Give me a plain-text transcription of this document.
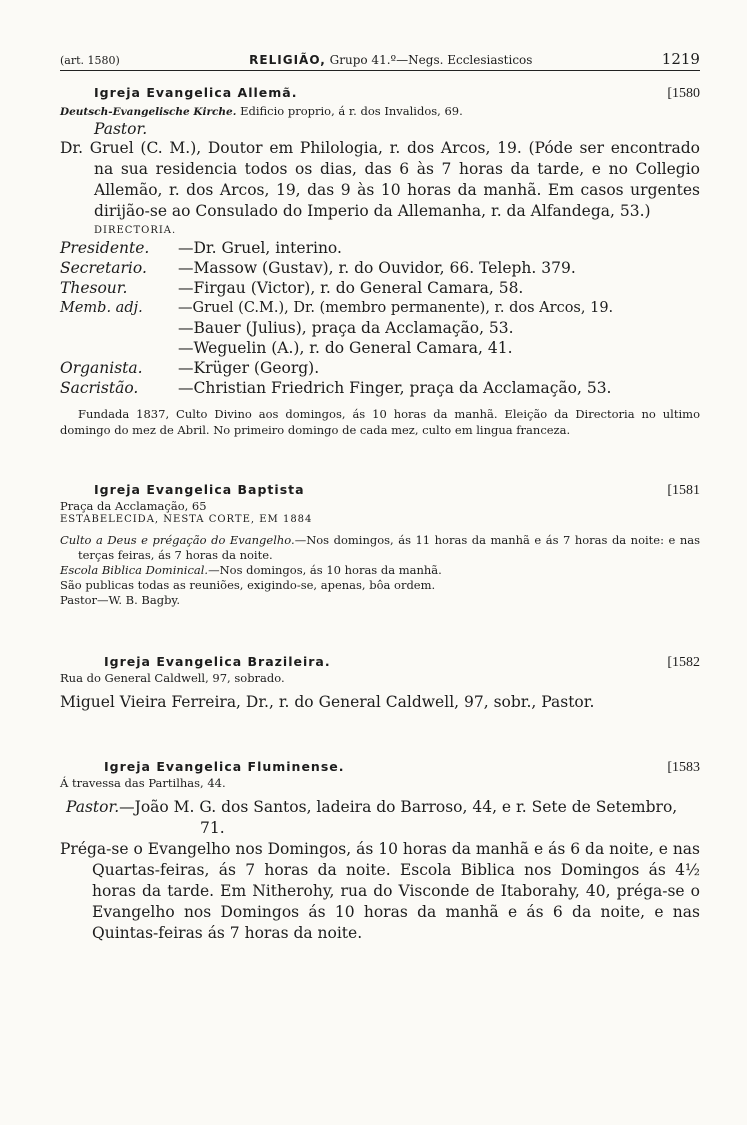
(art. 1580)	RELIGIÃO, Grupo 41.º—Negs. Ecclesiasticos	1219
Igreja Evangelica Allemã.	[1580
Deutsch-Evangelische Kirche. Edificio proprio, á r. dos Invalidos, 69.
Pastor.
Dr. Gruel (C. M.), Doutor em Philologia, r. dos Arcos, 19. (Póde ser encontrado na sua residencia todos os dias, das 6 às 7 horas da tarde, e no Collegio Allemão, r. dos Arcos, 19, das 9 às 10 horas da manhã. Em casos urgentes dirijão-se ao Consulado do Imperio da Allemanha, r. da Alfandega, 53.)
DIRECTORIA.
Presidente.	—Dr. Gruel, interino.
Secretario.	—Massow (Gustav), r. do Ouvidor, 66. Teleph. 379.
Thesour.	—Firgau (Victor), r. do General Camara, 58.
Memb. adj.	—Gruel (C.M.), Dr. (membro permanente), r. dos Arcos, 19.
—Bauer (Julius), praça da Acclamação, 53.
—Weguelin (A.), r. do General Camara, 41.
Organista.	—Krüger (Georg).
Sacristão.	—Christian Friedrich Finger, praça da Acclamação, 53.
Fundada 1837, Culto Divino aos domingos, ás 10 horas da manhã. Eleição da Directoria no ultimo domingo do mez de Abril. No primeiro domingo de cada mez, culto em lingua franceza.
Igreja Evangelica Baptista	[1581
Praça da Acclamação, 65
ESTABELECIDA, NESTA CORTE, EM 1884
Culto a Deus e prégação do Evangelho.—Nos domingos, ás 11 horas da manhã e ás 7 horas da noite: e nas terças feiras, ás 7 horas da noite.
Escola Biblica Dominical.—Nos domingos, ás 10 horas da manhã.
São publicas todas as reuniões, exigindo-se, apenas, bôa ordem.
Pastor—W. B. Bagby.
Igreja Evangelica Brazileira.	[1582
Rua do General Caldwell, 97, sobrado.
Miguel Vieira Ferreira, Dr., r. do General Caldwell, 97, sobr., Pastor.
Igreja Evangelica Fluminense.	[1583
Á travessa das Partilhas, 44.
Pastor.—João M. G. dos Santos, ladeira do Barroso, 44, e r. Sete de Setembro, 71.
Préga-se o Evangelho nos Domingos, ás 10 horas da manhã e ás 6 da noite, e nas Quartas-feiras, ás 7 horas da noite. Escola Biblica nos Domingos ás 4½ horas da tarde. Em Nitherohy, rua do Visconde de Itaborahy, 40, préga-se o Evangelho nos Domingos ás 10 horas da manhã e ás 6 da noite, e nas Quintas-feiras ás 7 horas da noite.
